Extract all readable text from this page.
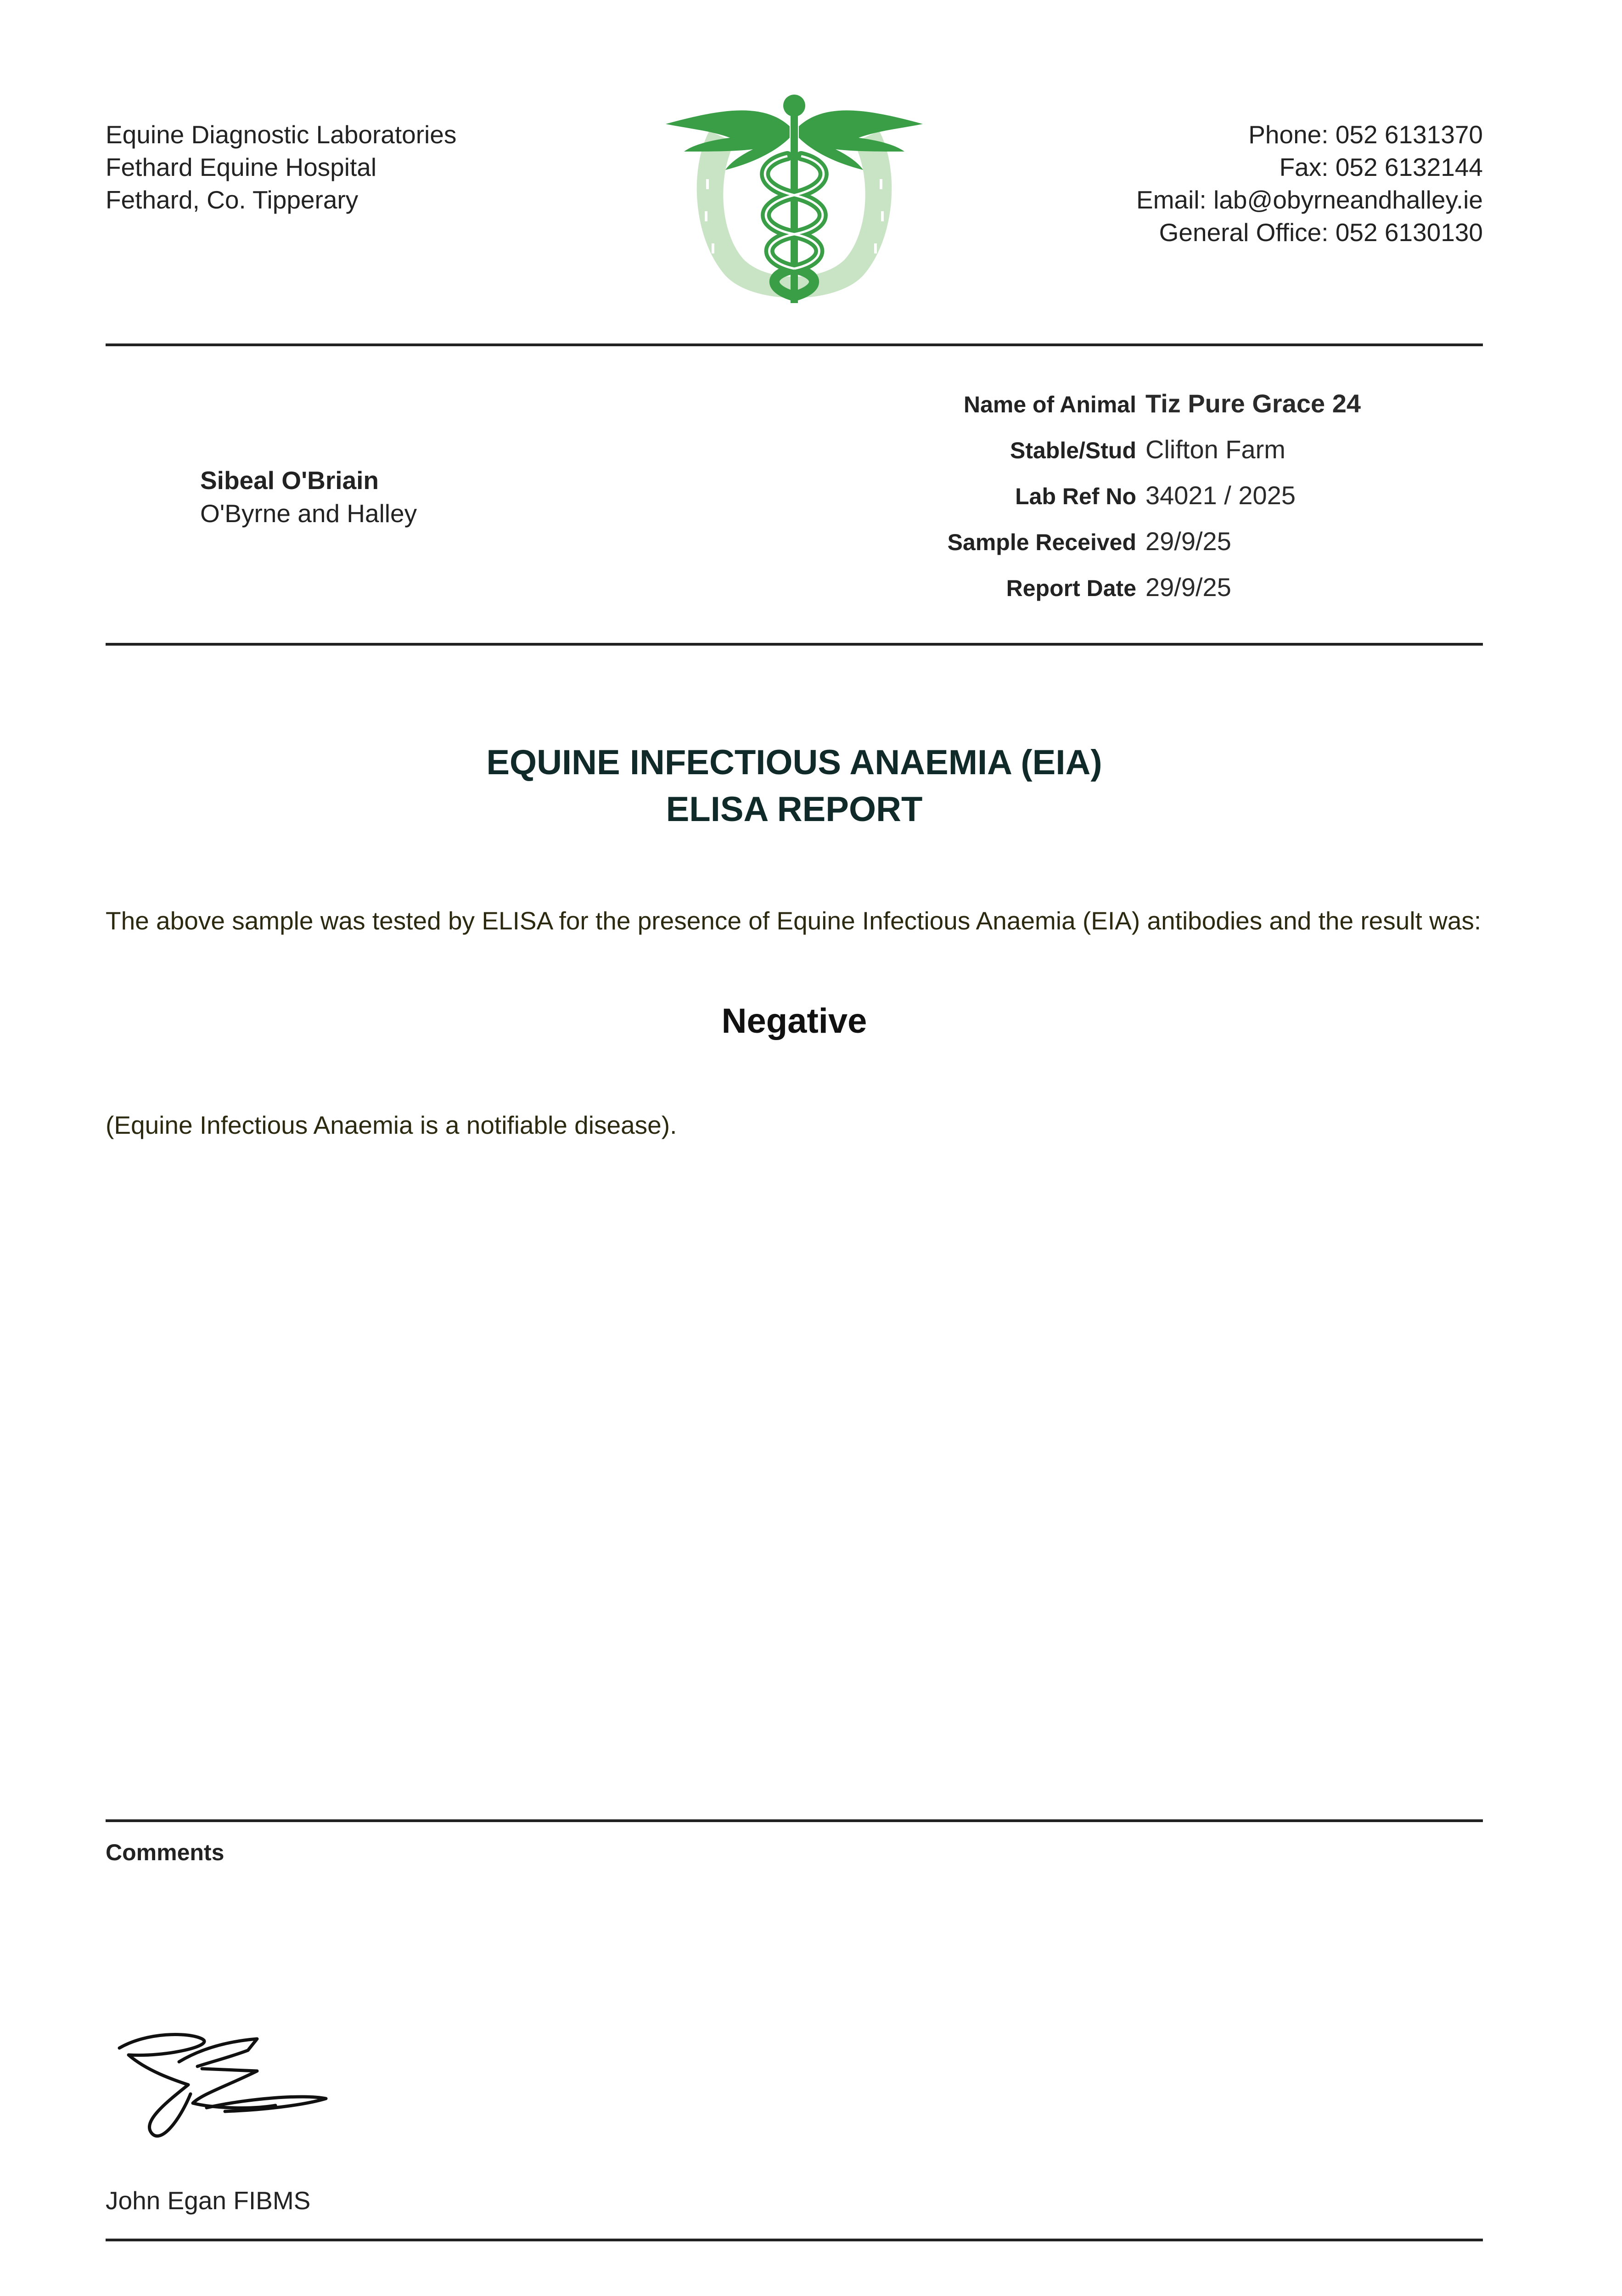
Equine Diagnostic Laboratories
Fethard Equine Hospital
Fethard, Co. Tipperary
Phone: 052 6131370
Fax: 052 6132144
Email: lab@obyrneandhalley.ie
General Office: 052 6130130
Sibeal O'Briain
O'Byrne and Halley
Name of Animal Tiz Pure Grace 24
Stable/Stud Clifton Farm
Lab Ref No 34021 / 2025
Sample Received 29/9/25
Report Date 29/9/25
EQUINE INFECTIOUS ANAEMIA (EIA)
ELISA REPORT
The above sample was tested by ELISA for the presence of Equine Infectious Anaemia (EIA) antibodies and the result was:
Negative
(Equine Infectious Anaemia is a notifiable disease).
Comments
John Egan FIBMS
